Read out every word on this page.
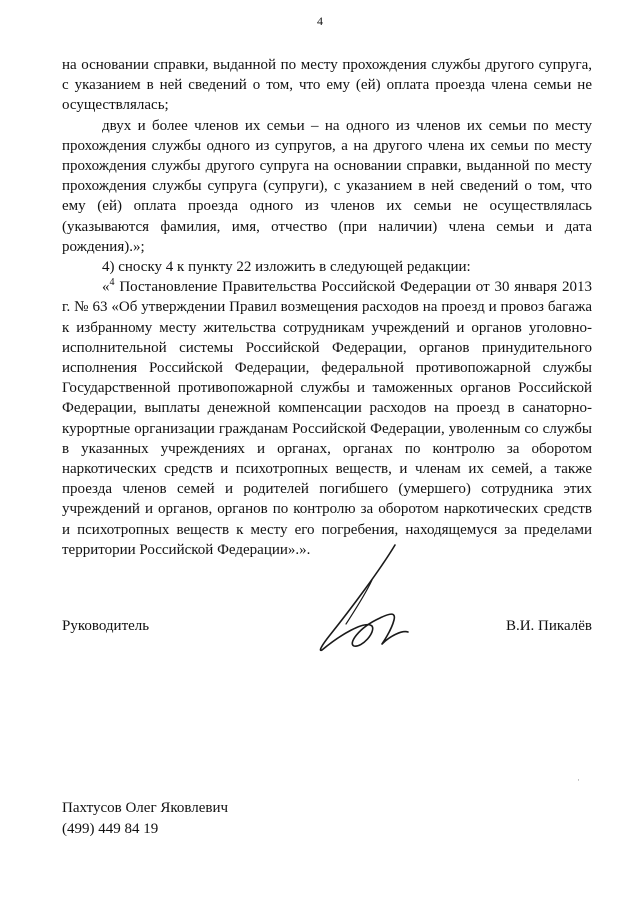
4

на основании справки, выданной по месту прохождения службы другого супруга, с указанием в ней сведений о том, что ему (ей) оплата проезда члена семьи не осуществлялась;

двух и более членов их семьи – на одного из членов их семьи по месту прохождения службы одного из супругов, а на другого члена их семьи по месту прохождения службы другого супруга на основании справки, выданной по месту прохождения службы супруга (супруги), с указанием в ней сведений о том, что ему (ей) оплата проезда одного из членов их семьи не осуществлялась (указываются фамилия, имя, отчество (при наличии) члена семьи и дата рождения).»;

4) сноску 4 к пункту 22 изложить в следующей редакции:

«$^4$ Постановление Правительства Российской Федерации от 30 января 2013 г. № 63 «Об утверждении Правил возмещения расходов на проезд и провоз багажа к избранному месту жительства сотрудникам учреждений и органов уголовно-исполнительной системы Российской Федерации, органов принудительного исполнения Российской Федерации, федеральной противопожарной службы Государственной противопожарной службы и таможенных органов Российской Федерации, выплаты денежной компенсации расходов на проезд в санаторно-курортные организации гражданам Российской Федерации, уволенным со службы в указанных учреждениях и органах, органах по контролю за оборотом наркотических средств и психотропных веществ, и членам их семей, а также проезда членов семей и родителей погибшего (умершего) сотрудника этих учреждений и органов, органов по контролю за оборотом наркотических средств и психотропных веществ к месту его погребения, находящемуся за пределами территории Российской Федерации».».

Руководитель	В.И. Пикалёв
·
Пахтусов Олег Яковлевич
(499) 449 84 19
